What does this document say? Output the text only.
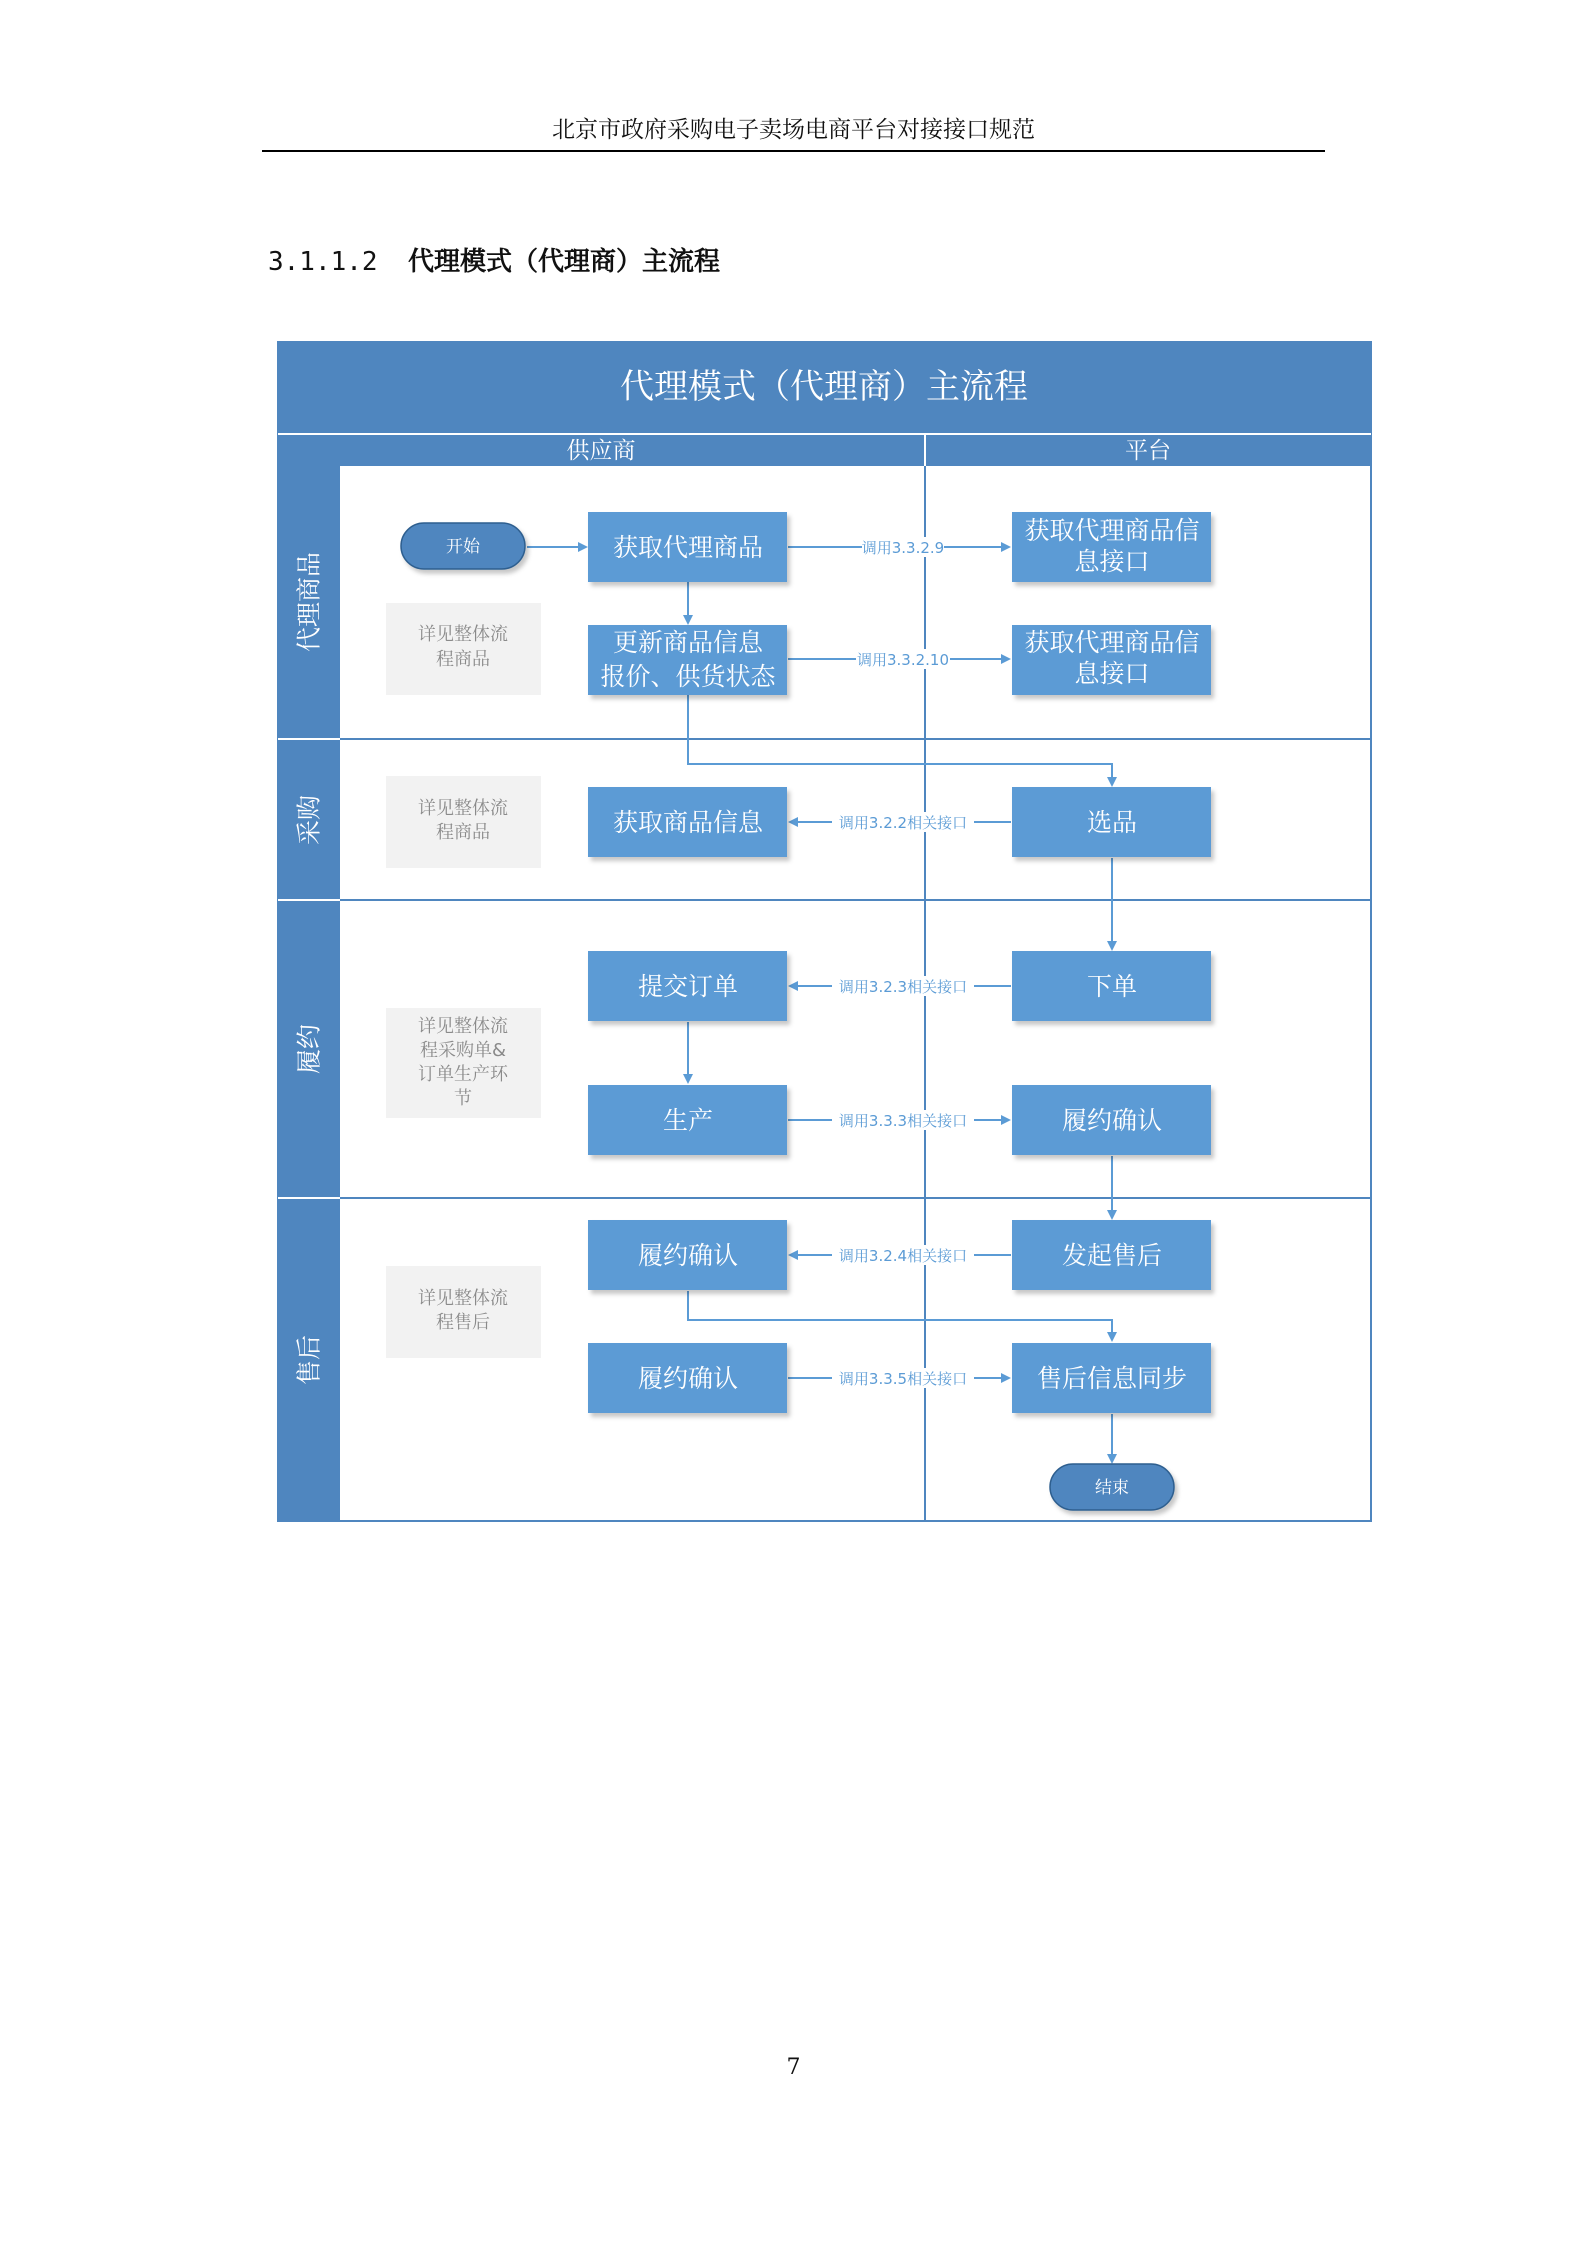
北京市政府采购电子卖场电商平台对接接口规范
3.1.1.2 代理模式（代理商）主流程
代理模式（代理商）主流程
供应商	平台
代理商品
采购
履约
售后
详见整体流
程商品
详见整体流
程商品
详见整体流
程采购单&
订单生产环
节
详见整体流
程售后
调用3.3.2.9
调用3.3.2.10
调用3.2.2相关接口
调用3.2.3相关接口
调用3.3.3相关接口
调用3.2.4相关接口
调用3.3.5相关接口
开始
结束
获取代理商品
更新商品信息
报价、供货状态
获取商品信息
提交订单
生产
履约确认
履约确认
获取代理商品信
息接口
获取代理商品信
息接口
选品
下单
履约确认
发起售后
售后信息同步
7
